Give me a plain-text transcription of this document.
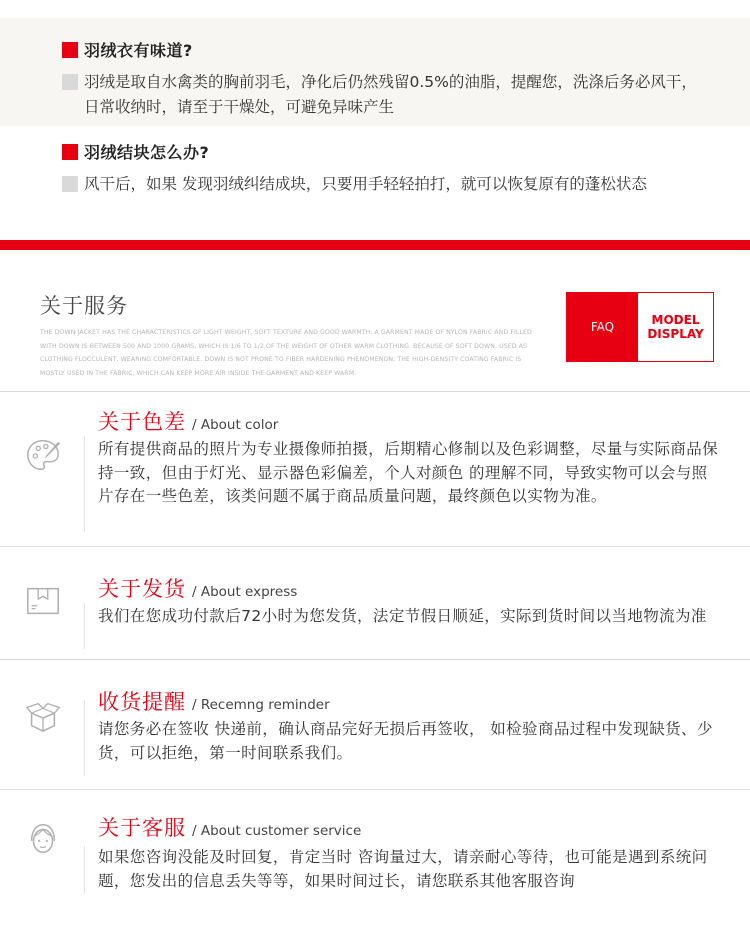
羽绒衣有味道?

羽绒是取自水禽类的胸前羽毛，净化后仍然残留0.5%的油脂，提醒您，洗涤后务必风干，日常收纳时，请至于干燥处，可避免异味产生

羽绒结块怎么办?

风干后，如果 发现羽绒纠结成块，只要用手轻轻拍打，就可以恢复原有的蓬松状态

关于服务
THE DOWN JACKET HAS THE CHARACTERISTICS OF LIGHT WEIGHT, SOFT TEXTURE AND GOOD WARMTH. A GARMENT MADE OF NYLON FABRIC AND FILLED WITH DOWN IS BETWEEN 500 AND 1000 GRAMS, WHICH IS 1/6 TO 1/2 OF THE WEIGHT OF OTHER WARM CLOTHING. BECAUSE OF SOFT DOWN, USED AS CLOTHING FLOCCULENT, WEARING COMFORTABLE. DOWN IS NOT PRONE TO FIBER HARDENING PHENOMENON; THE HIGH-DENSITY COATING FABRIC IS MOSTLY USED IN THE FABRIC, WHICH CAN KEEP MORE AIR INSIDE THE GARMENT AND KEEP WARM.
FAQ	MODEL
DISPLAY
关于色差 / About color
所有提供商品的照片为专业摄像师拍摄，后期精心修制以及色彩调整，尽量与实际商品保持一致，但由于灯光、显示器色彩偏差，个人对颜色 的理解不同，导致实物可以会与照片存在一些色差，该类问题不属于商品质量问题，最终颜色以实物为准。
关于发货 / About express
我们在您成功付款后72小时为您发货，法定节假日顺延，实际到货时间以当地物流为准
收货提醒 / Recemng reminder
请您务必在签收 快递前，确认商品完好无损后再签收， 如检验商品过程中发现缺货、少货，可以拒绝，第一时间联系我们。
关于客服 / About customer service
如果您咨询没能及时回复，肯定当时 咨询量过大，请亲耐心等待，也可能是遇到系统问题，您发出的信息丢失等等，如果时间过长，请您联系其他客服咨询
